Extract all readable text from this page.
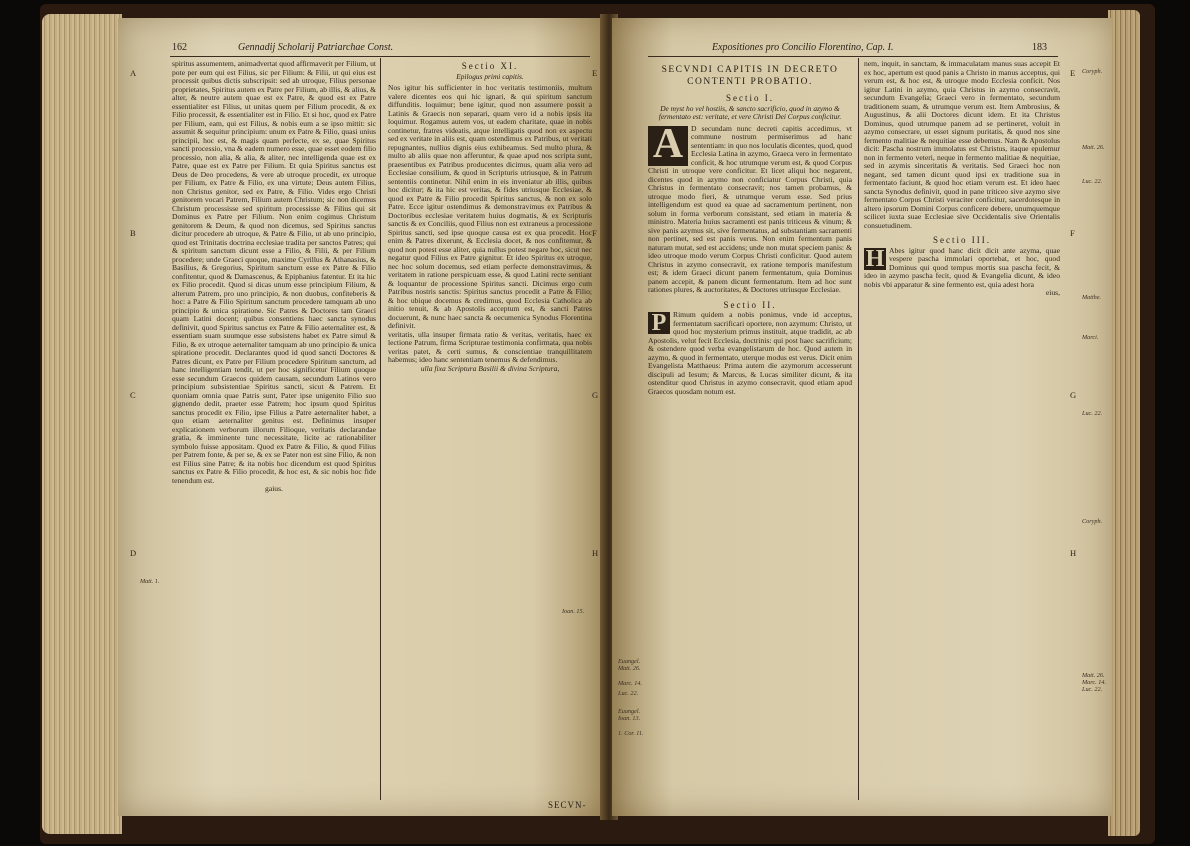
162	Gennadij Scholarij Patriarchae Const.

spiritus assumentem, animadvertat quod affirmaverit per Filium, ut pote per eum qui est Filius, sic per Filium: & Filii, ut qui eius est processit quibus dictis subscripsit: sed ab utroque, Filius personae proprietates, Spiritus autem ex Patre per Filium, ab illis, & alius, & alter, & neutre autem quae est ex Patre, & quod est ex Patre essentialiter est Filius, ut unitas quem per Filium procedit, & ex Filio processit, & essentialiter est in Filio. Et si hoc, quod ex Patre per Filium, eam, qui est Filius, & nobis eum a se ipso mittit: sic assumit & sequitur principium: unum ex Patre & Filio, quasi unius principii, hoc est, & magis quam perfecte, ex se, quae Spiritus sancti processio, vna & eadem numero esse, quae esset eodem filio processio, non alia, & alia, & aliter, nec intelligenda quae est ex Patre, quae est ex Patre per Filium. Et quia Spiritus sanctus est Deus de Deo procedens, & vere ab utroque procedit, ex utroque per Filium, ex Patre & Filio, ex una virtute; Deus autem Filius, non Christus genitor, sed ex Patre, & Filio. Vides ergo Christi genitorem vocari Patrem, Filium autem Christum; sic non dicemus Christum processisse sed spiritum processisse & Filius qui sit Dominus ex Patre per Filium. Non enim cogimus Christum genitorem & Deum, & quod non dicemus, sed Spiritus sanctus dicitur procedere ab utroque, & Patre & Filio, ut ab uno principio, quod est Trinitatis doctrina ecclesiae tradita per sanctos Patres; qui & spiritum sanctum dicunt esse a Filio, & Filii, & per Filium procedere; unde Graeci quoque, maxime Cyrillus & Athanasius, & Basilius, & Gregorius, Spiritum sanctum esse ex Patre & Filio confitentur, quod & Damascenus, & Epiphanius fatentur. Et ita hic ex Filio procedit. Quod si dicas unum esse principium Filium, & alterum Patrem, pro uno principio, & non duobus, confiteberis & hoc: a Patre & Filio Spiritum sanctum procedere tamquam ab uno principio & unica spiratione. Sic Patres & Doctores tam Graeci quam Latini docent; quibus consentiens haec sancta synodus definivit, quod Spiritus sanctus ex Patre & Filio aeternaliter est, & essentiam suam suumque esse subsistens habet ex Patre simul & Filio, & ex utroque aeternaliter tamquam ab uno principio & unica spiratione procedit. Declarantes quod id quod sancti Doctores & Patres dicunt, ex Patre per Filium procedere Spiritum sanctum, ad hanc intelligentiam tendit, ut per hoc significetur Filium quoque esse secundum Graecos quidem causam, secundum Latinos vero principium subsistentiae Spiritus sancti, sicut & Patrem. Et quoniam omnia quae Patris sunt, Pater ipse unigenito Filio suo gignendo dedit, praeter esse Patrem; hoc ipsum quod Spiritus sanctus procedit ex Filio, ipse Filius a Patre aeternaliter habet, a quo etiam aeternaliter genitus est. Definimus insuper explicationem verborum illorum Filioque, veritatis declarandae gratia, & imminente tunc necessitate, licite ac rationabiliter symbolo fuisse appositam. Quod ex Patre & Filio, & quod Filius per Patrem fonte, & per se, & ex se Pater non est sine Filio, & non est Filius sine Patre; & ita nobis hoc dicendum est quod Spiritus sanctus ex Patre & Filio procedit, & hoc est, & sic nobis hoc fide tenendum est.

gaius.

Sectio XI.
Epilogus primi capitis.

Nos igitur his sufficienter in hoc veritatis testimoniis, multum valere dicentes eos qui hic ignari, & qui spiritum sanctum diffunditis. loquimur; bene igitur, quod non assumere possit a Latinis & Graecis non separari, quam vero id a nobis ipsis ita loquimur. Rogamus autem vos, ut eadem charitate, quae in nobis continetur, fratres videatis, atque intelligatis quod non ex aspectu sed ex veritate in aliis est, quam ostendimus ex Patribus, ut veritati repugnantes, nullius dignis eius exhibeamus. Sed multo plura, & multo ab aliis quae non afferuntur, & quae apud nos scripta sunt, praesentibus ex Patribus producentes dicimus, quam alia vero ad Ecclesiae consilium, & quod in Scripturis utriusque, & in Patrum sententiis continetur. Nihil enim in eis inveniatur ab illis, quibus hoc dicitur; & ita hic est veritas, & fides utriusque Ecclesiae, & quod ex Patre & Filio procedit Spiritus sanctus, & non ex solo Patre. Ecce igitur ostendimus & demonstravimus ex Patribus & Doctoribus ecclesiae veritatem huius dogmatis, & ex Scripturis sanctis & ex Conciliis, quod Filius non est extraneus a processione Spiritus sancti, sed ipse quoque causa est ex qua procedit. Hoc enim & Patres dixerunt, & Ecclesia docet, & nos confitemur, & quod non potest esse aliter, quia nullus potest negare hoc, sicut nec negatur quod Filius ex Patre gignitur. Et ideo Spiritus ex utroque, nec hoc solum docemus, sed etiam perfecte demonstravimus, & veritatem in ratione perspicuam esse, & quod Latini recte sentiant & loquantur de processione Spiritus sancti. Dicimus ergo cum Patribus nostris sanctis: Spiritus sanctus procedit a Patre & Filio; & hoc ubique docemus & credimus, quod Ecclesia Catholica ab initio tenuit, & ab Apostolis acceptum est, & sancti Patres docuerunt, & nunc haec sancta & oecumenica Synodus Florentina definivit.

veritatis, ulla insuper firmata ratio & veritas, veritatis, haec ex lectione Patrum, firma Scripturae testimonia confirmata, qua nobis veritas patet, & certi sumus, & conscientiae tranquillitatem habemus; ideo hanc sententiam tenemus & defendimus.

ulla fixa Scriptura Basilii & divina Scriptura,

SECVN-
A
B
C
D
E
F
G
H
Matt. 1.
Ioan. 15.
Expositiones pro Concilio Florentino, Cap. I.	183
SECVNDI CAPITIS IN DECRETO CONTENTI PROBATIO.
Sectio I.
De myst ho vel hostiis, & sancto sacrificio, quod in azymo & fermentato est: veritate, et vere Christi Dei Corpus conficitur.

A	D secundam nunc decreti capitis accedimus, vt commune nostrum permiserimus ad hanc sententiam: in quo nos loculatis dicentes, quod, quod Ecclesia Latina in azymo, Graeca vero in fermentato conficit, & hoc utrumque verum est, & quod Corpus Christi in utroque vere conficitur. Et licet aliqui hoc negarent, dicentes quod in azymo non conficiatur Corpus Christi, quia Christus in fermentato consecravit; nos tamen probamus, & utroque modo fieri, & utrumque verum esse. Sed prius intelligendum est quod ea quae ad sacramentum pertinent, non solum in forma verborum consistant, sed etiam in materia & ministro. Materia huius sacramenti est panis triticeus & vinum; & sive panis azymus sit, sive fermentatus, ad substantiam sacramenti non pertinet, sed est panis verus. Non enim fermentum panis naturam mutat, sed est accidens; unde non mutat speciem panis: & ideo utroque modo verum Corpus Christi conficitur. Quod autem Christus in azymo consecravit, ex ratione temporis manifestum est; & idem Graeci dicunt panem fermentatum, quia Dominus panem accepit, & panem dicunt fermentatum. Item ad hoc sunt rationes plures, & auctoritates, & Doctores utriusque Ecclesiae.

Sectio II.

P Rimum quidem a nobis ponimus, vnde id acceptus, fermentatum sacrificari oportere, non azymum: Christo, ut quod hoc mysterium primus instituit, atque tradidit, ac ab Apostolis, velut fecit Ecclesia, doctrinis: qui post haec sacrificium; & ostendere quod verba evangelistarum de hoc. Quod autem in azymo, & quod in fermentato, uterque modus est verus. Dicit enim Evangelista Matthaeus: Prima autem die azymorum accesserunt discipuli ad Iesum; & Marcus, & Lucas similiter dicunt, & ita ostenditur quod Christus in azymo consecravit, quod etiam apud Graecos quosdam notum est.

nem, inquit, in sanctam, & immaculatam manus suas accepit Et ex hoc, apertum est quod panis a Christo in manus acceptus, qui verum est, & hoc est, & utroque modo Ecclesia conficit. Nos igitur Latini in azymo, quia Christus in azymo consecravit, secundum Evangelia; Graeci vero in fermentato, secundum traditionem suam, & utrumque verum est. Item Ambrosius, & Augustinus, & alii Doctores dicunt idem. Et ita Christus Dominus, quod utrumque panem ad se pertineret, voluit in azymo consecrare, ut esset signum puritatis, & quod nos sine fermento malitiae & nequitiae esse debemus. Nam & Apostolus dicit: Pascha nostrum immolatus est Christus, itaque epulemur non in fermento veteri, neque in fermento malitiae & nequitiae, sed in azymis sinceritatis & veritatis. Sed Graeci hoc non negant, sed tamen dicunt quod ipsi ex traditione sua in fermentato faciunt, & quod hoc etiam verum est. Et ideo haec sancta Synodus definivit, quod in pane triticeo sive azymo sive fermentato Corpus Christi veraciter conficitur, sacerdotesque in altero ipsorum Domini Corpus conficere debere, unumquemque scilicet iuxta suae Ecclesiae sive Occidentalis sive Orientalis consuetudinem.

Sectio III.

H Abes igitur quod hanc dicit dicit ante azyma, quae vespere pascha immolari oportebat, et hoc, quod Dominus qui quod tempus mortis sua pascha fecit, & ideo in azymo pascha fecit, quod & Evangelia dicunt, & ideo nobis vbi apparatur & sine fermento est, quia adest hora

eius,

E
F
G
H
Euangel. Matt. 26.
Marc. 14.
Luc. 22.
Euangel. Ioan. 13.
1. Cor. 11.
Coryph.
Matt. 26.
Luc. 22.
Matthe.
Marci.
Luc. 22.
Coryph.
Matt. 26. Marc. 14. Luc. 22.
